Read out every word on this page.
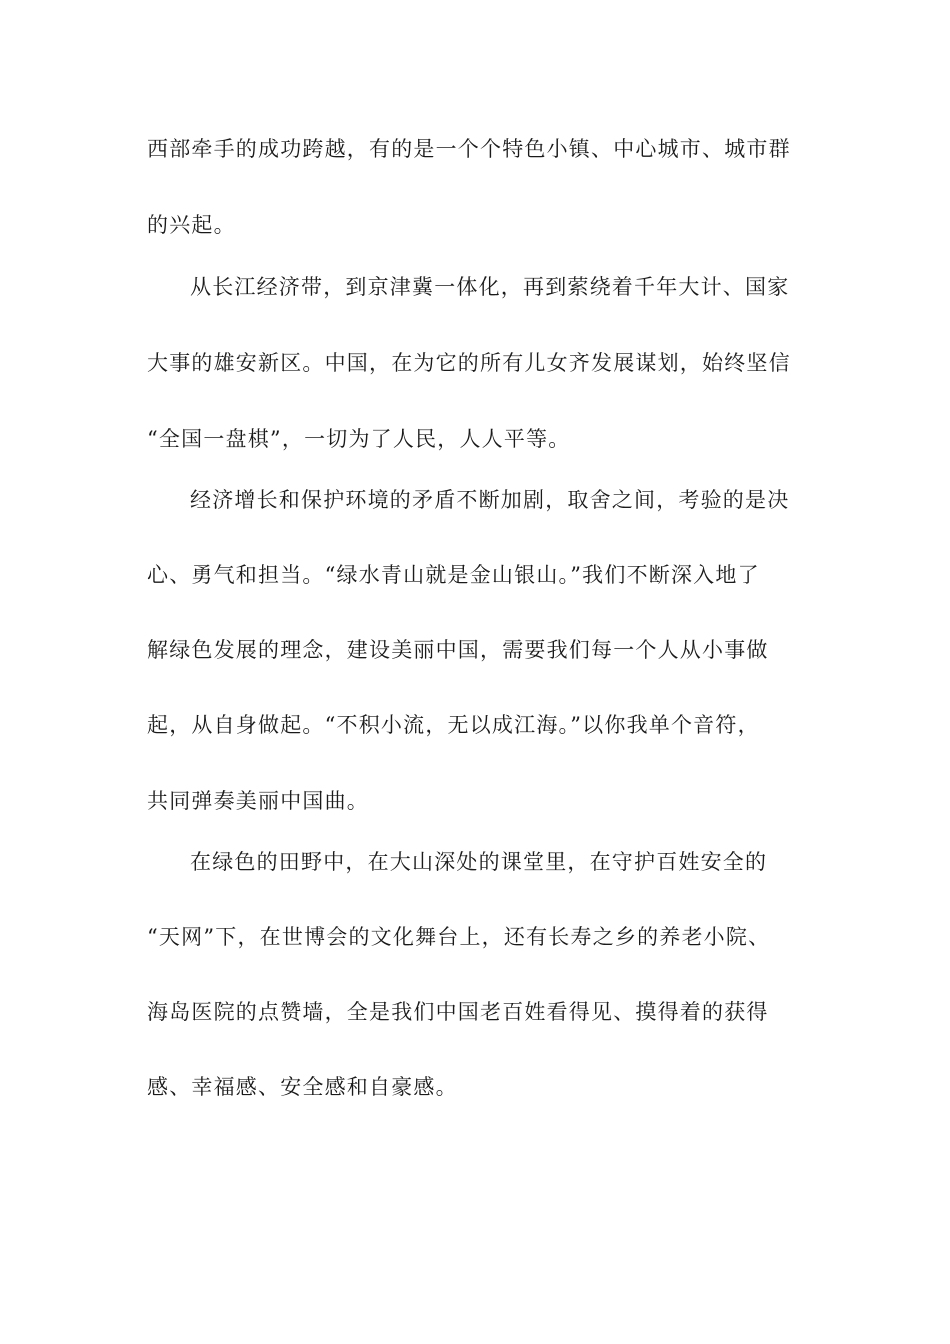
西部牵手的成功跨越，有的是一个个特色小镇、中心城市、城市群
的兴起。
从长江经济带，到京津冀一体化，再到萦绕着千年大计、国家
大事的雄安新区。中国，在为它的所有儿女齐发展谋划，始终坚信
“全国一盘棋”，一切为了人民，人人平等。
经济增长和保护环境的矛盾不断加剧，取舍之间，考验的是决
心、勇气和担当。“绿水青山就是金山银山。”我们不断深入地了
解绿色发展的理念，建设美丽中国，需要我们每一个人从小事做
起，从自身做起。“不积小流，无以成江海。”以你我单个音符，
共同弹奏美丽中国曲。
在绿色的田野中，在大山深处的课堂里，在守护百姓安全的
“天网”下，在世博会的文化舞台上，还有长寿之乡的养老小院、
海岛医院的点赞墙，全是我们中国老百姓看得见、摸得着的获得
感、幸福感、安全感和自豪感。
